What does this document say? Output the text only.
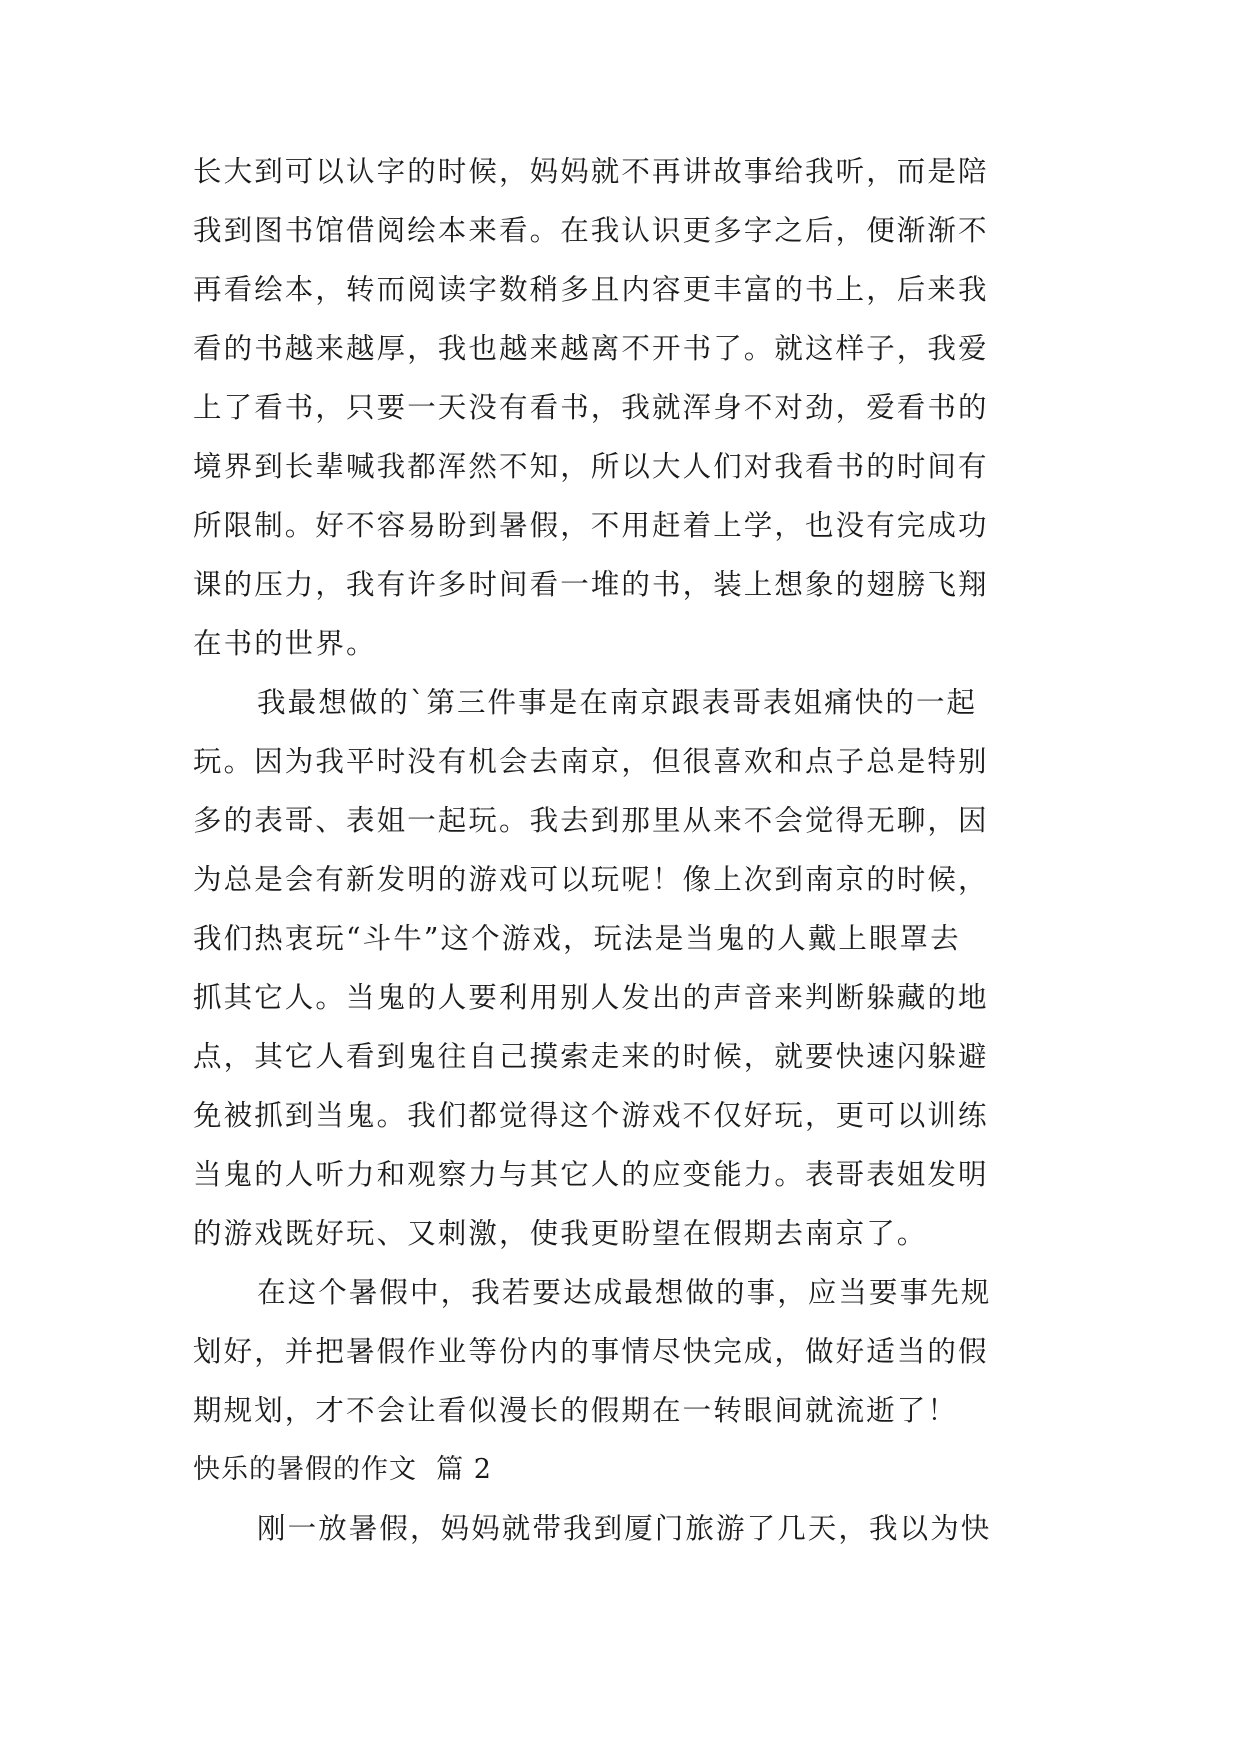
长大到可以认字的时候，妈妈就不再讲故事给我听，而是陪
我到图书馆借阅绘本来看。在我认识更多字之后，便渐渐不
再看绘本，转而阅读字数稍多且内容更丰富的书上，后来我
看的书越来越厚，我也越来越离不开书了。就这样子，我爱
上了看书，只要一天没有看书，我就浑身不对劲，爱看书的
境界到长辈喊我都浑然不知，所以大人们对我看书的时间有
所限制。好不容易盼到暑假，不用赶着上学，也没有完成功
课的压力，我有许多时间看一堆的书，装上想象的翅膀飞翔
在书的世界。
我最想做的`第三件事是在南京跟表哥表姐痛快的一起
玩。因为我平时没有机会去南京，但很喜欢和点子总是特别
多的表哥、表姐一起玩。我去到那里从来不会觉得无聊，因
为总是会有新发明的游戏可以玩呢！像上次到南京的时候，
我们热衷玩“斗牛”这个游戏，玩法是当鬼的人戴上眼罩去
抓其它人。当鬼的人要利用别人发出的声音来判断躲藏的地
点，其它人看到鬼往自己摸索走来的时候，就要快速闪躲避
免被抓到当鬼。我们都觉得这个游戏不仅好玩，更可以训练
当鬼的人听力和观察力与其它人的应变能力。表哥表姐发明
的游戏既好玩、又刺激，使我更盼望在假期去南京了。
在这个暑假中，我若要达成最想做的事，应当要事先规
划好，并把暑假作业等份内的事情尽快完成，做好适当的假
期规划，才不会让看似漫长的假期在一转眼间就流逝了！
快乐的暑假的作文  篇 2
刚一放暑假，妈妈就带我到厦门旅游了几天，我以为快
